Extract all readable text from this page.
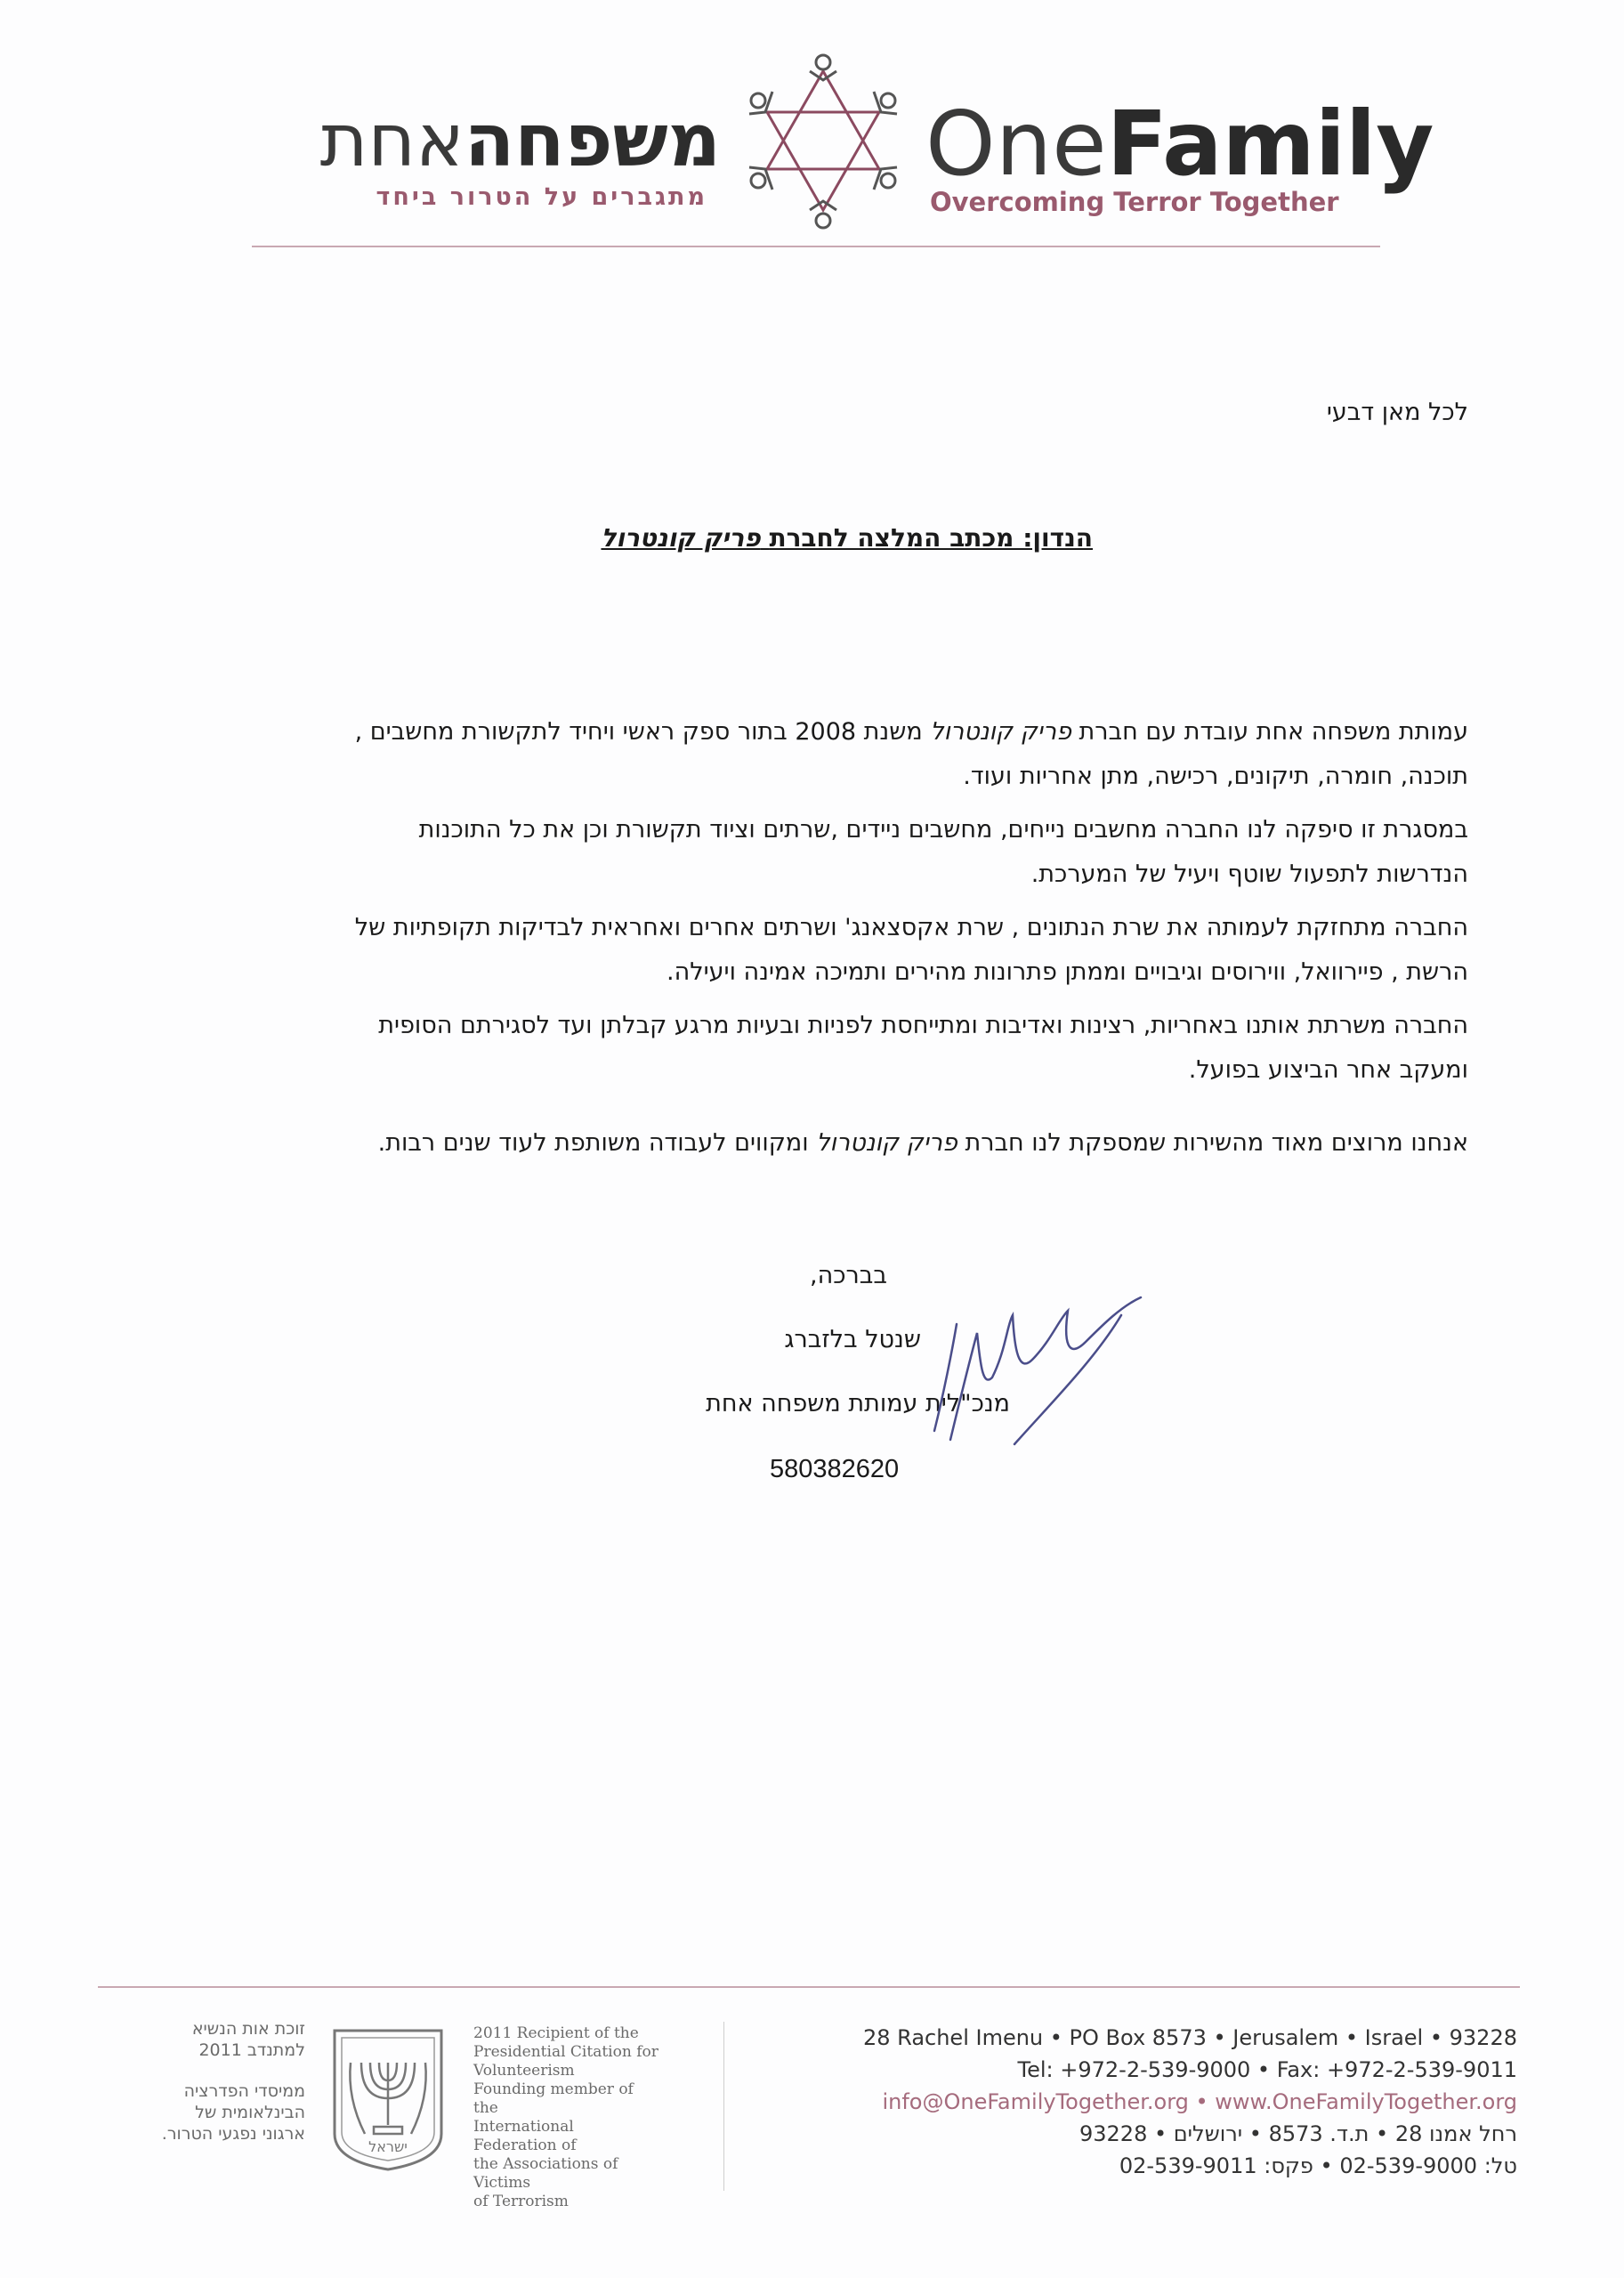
משפחהאחת
מתגברים על הטרור ביחד
OneFamily
Overcoming Terror Together
לכל מאן דבעי
הנדון: מכתב המלצה לחברת פריק קונטרול
עמותת משפחה אחת עובדת עם חברת פריק קונטרול משנת 2008 בתור ספק ראשי ויחיד לתקשורת מחשבים ,
תוכנה, חומרה, תיקונים, רכישה, מתן אחריות ועוד.
במסגרת זו סיפקה לנו החברה מחשבים נייחים, מחשבים ניידים ,שרתים וציוד תקשורת וכן את כל התוכנות
הנדרשות לתפעול שוטף ויעיל של המערכת.
החברה מתחזקת לעמותה את שרת הנתונים , שרת אקסצאנג' ושרתים אחרים ואחראית לבדיקות תקופתיות של
הרשת , פיירוואל, ווירוסים וגיבויים וממתן פתרונות מהירים ותמיכה אמינה ויעילה.
החברה משרתת אותנו באחריות, רצינות ואדיבות ומתייחסת לפניות ובעיות מרגע קבלתן ועד לסגירתם הסופית
ומעקב אחר הביצוע בפועל.
אנחנו מרוצים מאוד מהשירות שמספקת לנו חברת פריק קונטרול ומקווים לעבודה משותפת לעוד שנים רבות.
בברכה,
שנטל בלזברג
מנכ"לית עמותת משפחה אחת
580382620
זוכת אות הנשיא
למתנדב 2011
ממיסדי הפדרציה
הבינלאומית של
ארגוני נפגעי הטרור.
ישראל
2011 Recipient of the
Presidential Citation for
Volunteerism
Founding member of the
International Federation of
the Associations of Victims
of Terrorism
28 Rachel Imenu • PO Box 8573 • Jerusalem • Israel • 93228
Tel: +972-2-539-9000 • Fax: +972-2-539-9011
info@OneFamilyTogether.org • www.OneFamilyTogether.org
רחל אמנו 28 • ת.ד. 8573 • ירושלים • 93228
טל: 02-539-9000 • פקס: 02-539-9011
